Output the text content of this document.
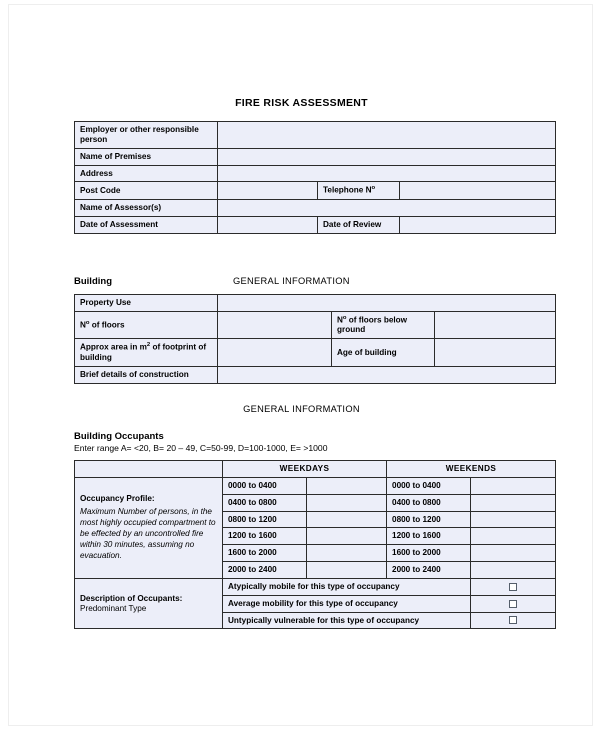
FIRE RISK ASSESSMENT
Employer or other responsible person			
Name of Premises			
Address			
Post Code		Telephone $N^o$	
Name of Assessor(s)			
Date of Assessment		Date of Review	
Building	GENERAL INFORMATION
Property Use			
$N^o$ of floors		$N^o$ of floors below ground	
Approx area in $m^2$ of footprint of building		Age of building	
Brief details of construction			
GENERAL INFORMATION
Building Occupants
Enter range A= <20, B= 20 – 49, C=50-99, D=100-1000, E= >1000
	WEEKDAYS		WEEKENDS	

Occupancy Profile:
Maximum Number of persons, in the most highly occupied compartment to be effected by an uncontrolled fire within 30 minutes, assuming no evacuation.	0000 to 0400		0000 to 0400	
	0400 to 0800		0400 to 0800	
	0800 to 1200		0800 to 1200	
	1200 to 1600		1200 to 1600	
	1600 to 2000		1600 to 2000	
	2000 to 2400		2000 to 2400	

Description of Occupants:
Predominant Type	Atypically mobile for this type of occupancy			
	Average mobility for this type of occupancy			
	Untypically vulnerable for this type of occupancy			
